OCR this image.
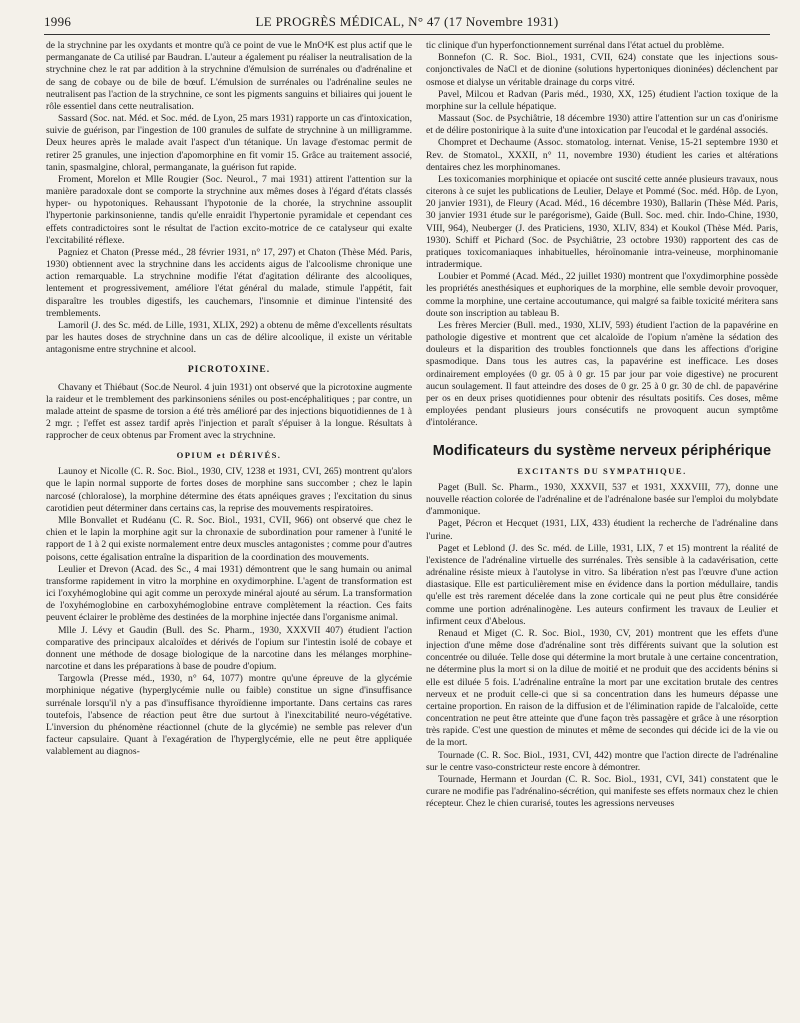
1996	LE PROGRÈS MÉDICAL, N° 47 (17 Novembre 1931)

de la strychnine par les oxydants et montre qu'à ce point de vue le MnO⁴K est plus actif que le permanganate de Ca utilisé par Baudran. L'auteur a également pu réaliser la neutralisation de la strychnine chez le rat par addition à la strychnine d'émulsion de surrénales ou d'adrénaline et de sang de cobaye ou de bile de bœuf. L'émulsion de surrénales ou l'adrénaline seules ne neutralisent pas l'action de la strychnine, ce sont les pigments sanguins et biliaires qui jouent le rôle essentiel dans cette neutralisation.

Sassard (Soc. nat. Méd. et Soc. méd. de Lyon, 25 mars 1931) rapporte un cas d'intoxication, suivie de guérison, par l'ingestion de 100 granules de sulfate de strychnine à un milligramme. Deux heures après le malade avait l'aspect d'un tétanique. Un lavage d'estomac permit de retirer 25 granules, une injection d'apomorphine en fit vomir 15. Grâce au traitement associé, tanin, spasmalgine, chloral, permanganate, la guérison fut rapide.

Froment, Morelon et Mlle Rougier (Soc. Neurol., 7 mai 1931) attirent l'attention sur la manière paradoxale dont se comporte la strychnine aux mêmes doses à l'égard d'états classés hyper- ou hypotoniques. Rehaussant l'hypotonie de la chorée, la strychnine assouplit l'hypertonie parkinsonienne, tandis qu'elle enraidit l'hypertonie pyramidale et cependant ces effets contradictoires sont le résultat de l'action excito-motrice de ce catalyseur qui exalte l'excitabilité réflexe.

Pagniez et Chaton (Presse méd., 28 février 1931, n° 17, 297) et Chaton (Thèse Méd. Paris, 1930) obtiennent avec la strychnine dans les accidents aigus de l'alcoolisme chronique une action remarquable. La strychnine modifie l'état d'agitation délirante des alcooliques, lentement et progressivement, améliore l'état général du malade, stimule l'appétit, fait disparaître les troubles digestifs, les cauchemars, l'insomnie et diminue l'intensité des tremblements.

Lamoril (J. des Sc. méd. de Lille, 1931, XLIX, 292) a obtenu de même d'excellents résultats par les hautes doses de strychnine dans un cas de délire alcoolique, il existe un véritable antagonisme entre strychnine et alcool.

PICROTOXINE.

Chavany et Thiébaut (Soc.de Neurol. 4 juin 1931) ont observé que la picrotoxine augmente la raideur et le tremblement des parkinsoniens séniles ou post-encéphalitiques ; par contre, un malade atteint de spasme de torsion a été très amélioré par des injections biquotidiennes de 1 à 2 mgr. ; l'effet est assez tardif après l'injection et paraît s'épuiser à la longue. Résultats à rapprocher de ceux obtenus par Froment avec la strychnine.

OPIUM et DÉRIVÉS.

Launoy et Nicolle (C. R. Soc. Biol., 1930, CIV, 1238 et 1931, CVI, 265) montrent qu'alors que le lapin normal supporte de fortes doses de morphine sans succomber ; chez le lapin narcosé (chloralose), la morphine détermine des états apnéiques graves ; l'excitation du sinus carotidien peut déterminer dans certains cas, la reprise des mouvements respiratoires.

Mlle Bonvallet et Rudéanu (C. R. Soc. Biol., 1931, CVII, 966) ont observé que chez le chien et le lapin la morphine agit sur la chronaxie de subordination pour ramener à l'unité le rapport de 1 à 2 qui existe normalement entre deux muscles antagonistes ; comme pour d'autres poisons, cette égalisation entraîne la disparition de la coordination des mouvements.

Leulier et Drevon (Acad. des Sc., 4 mai 1931) démontrent que le sang humain ou animal transforme rapidement in vitro la morphine en oxydimorphine. L'agent de transformation est ici l'oxyhémoglobine qui agit comme un peroxyde minéral ajouté au sérum. La transformation de l'oxyhémoglobine en carboxyhémoglobine entrave complètement la réaction. Ces faits peuvent éclairer le problème des destinées de la morphine injectée dans l'organisme animal.

Mlle J. Lévy et Gaudin (Bull. des Sc. Pharm., 1930, XXXVII 407) étudient l'action comparative des principaux alcaloïdes et dérivés de l'opium sur l'intestin isolé de cobaye et donnent une méthode de dosage biologique de la narcotine dans les mélanges morphine-narcotine et dans les préparations à base de poudre d'opium.

Targowla (Presse méd., 1930, n° 64, 1077) montre qu'une épreuve de la glycémie morphinique négative (hyperglycémie nulle ou faible) constitue un signe d'insuffisance surrénale lorsqu'il n'y a pas d'insuffisance thyroïdienne importante. Dans certains cas rares toutefois, l'absence de réaction peut être due surtout à l'inexcitabilité neuro-végétative. L'inversion du phénomène réactionnel (chute de la glycémie) ne semble pas relever d'un facteur capsulaire. Quant à l'exagération de l'hyperglycémie, elle ne peut être appliquée valablement au diagnos-

tic clinique d'un hyperfonctionnement surrénal dans l'état actuel du problème.

Bonnefon (C. R. Soc. Biol., 1931, CVII, 624) constate que les injections sous-conjonctivales de NaCl et de dionine (solutions hypertoniques dioninées) déclenchent par osmose et dialyse un véritable drainage du corps vitré.

Pavel, Milcou et Radvan (Paris méd., 1930, XX, 125) étudient l'action toxique de la morphine sur la cellule hépatique.

Massaut (Soc. de Psychiâtrie, 18 décembre 1930) attire l'attention sur un cas d'onirisme et de délire postonirique à la suite d'une intoxication par l'eucodal et le gardénal associés.

Chompret et Dechaume (Assoc. stomatolog. internat. Venise, 15-21 septembre 1930 et Rev. de Stomatol., XXXII, n° 11, novembre 1930) étudient les caries et altérations dentaires chez les morphinomanes.

Les toxicomanies morphinique et opiacée ont suscité cette année plusieurs travaux, nous citerons à ce sujet les publications de Leulier, Delaye et Pommé (Soc. méd. Hôp. de Lyon, 20 janvier 1931), de Fleury (Acad. Méd., 16 décembre 1930), Ballarin (Thèse Méd. Paris, 30 janvier 1931 étude sur le parégorisme), Gaide (Bull. Soc. med. chir. Indo-Chine, 1930, VIII, 964), Neuberger (J. des Praticiens, 1930, XLIV, 834) et Koukol (Thèse Méd. Paris, 1930). Schiff et Pichard (Soc. de Psychiâtrie, 23 octobre 1930) rapportent des cas de pratiques toxicomaniaques inhabituelles, héroïnomanie intra-veineuse, morphinomanie intradermique.

Loubier et Pommé (Acad. Méd., 22 juillet 1930) montrent que l'oxydimorphine possède les propriétés anesthésiques et euphoriques de la morphine, elle semble devoir provoquer, comme la morphine, une certaine accoutumance, qui malgré sa faible toxicité méritera sans doute son inscription au tableau B.

Les frères Mercier (Bull. med., 1930, XLIV, 593) étudient l'action de la papavérine en pathologie digestive et montrent que cet alcaloïde de l'opium n'amène la sédation des douleurs et la disparition des troubles fonctionnels que dans les affections d'origine spasmodique. Dans tous les autres cas, la papavérine est inefficace. Les doses ordinairement employées (0 gr. 05 à 0 gr. 15 par jour par voie digestive) ne procurent aucun soulagement. Il faut atteindre des doses de 0 gr. 25 à 0 gr. 30 de chl. de papavérine per os en deux prises quotidiennes pour obtenir des résultats positifs. Ces doses, même employées pendant plusieurs jours consécutifs ne provoquent aucun symptôme d'intolérance.

Modificateurs du système nerveux périphérique
EXCITANTS DU SYMPATHIQUE.

Paget (Bull. Sc. Pharm., 1930, XXXVII, 537 et 1931, XXXVIII, 77), donne une nouvelle réaction colorée de l'adrénaline et de l'adrénalone basée sur l'emploi du molybdate d'ammonique.

Paget, Pécron et Hecquet (1931, LIX, 433) étudient la recherche de l'adrénaline dans l'urine.

Paget et Leblond (J. des Sc. méd. de Lille, 1931, LIX, 7 et 15) montrent la réalité de l'existence de l'adrénaline virtuelle des surrénales. Très sensible à la cadavérisation, cette adrénaline résiste mieux à l'autolyse in vitro. Sa libération n'est pas l'œuvre d'une action diastasique. Elle est particulièrement mise en évidence dans la portion médullaire, tandis qu'elle est très rarement décelée dans la zone corticale qui ne peut plus être considérée comme une portion adrénalinogène. Les auteurs confirment les travaux de Leulier et infirment ceux d'Abelous.

Renaud et Miget (C. R. Soc. Biol., 1930, CV, 201) montrent que les effets d'une injection d'une même dose d'adrénaline sont très différents suivant que la solution est concentrée ou diluée. Telle dose qui détermine la mort brutale à une certaine concentration, ne détermine plus la mort si on la dilue de moitié et ne produit que des accidents bénins si elle est diluée 5 fois. L'adrénaline entraîne la mort par une excitation brutale des centres nerveux et ne produit celle-ci que si sa concentration dans les humeurs dépasse une certaine proportion. En raison de la diffusion et de l'élimination rapide de l'alcaloïde, cette concentration ne peut être atteinte que d'une façon très passagère et grâce à une résorption très rapide. C'est une question de minutes et même de secondes qui décide ici de la vie ou de la mort.

Tournade (C. R. Soc. Biol., 1931, CVI, 442) montre que l'action directe de l'adrénaline sur le centre vaso-constricteur reste encore à démontrer.

Tournade, Hermann et Jourdan (C. R. Soc. Biol., 1931, CVI, 341) constatent que le curare ne modifie pas l'adrénalino-sécrétion, qui manifeste ses effets normaux chez le chien récepteur. Chez le chien curarisé, toutes les agressions nerveuses
